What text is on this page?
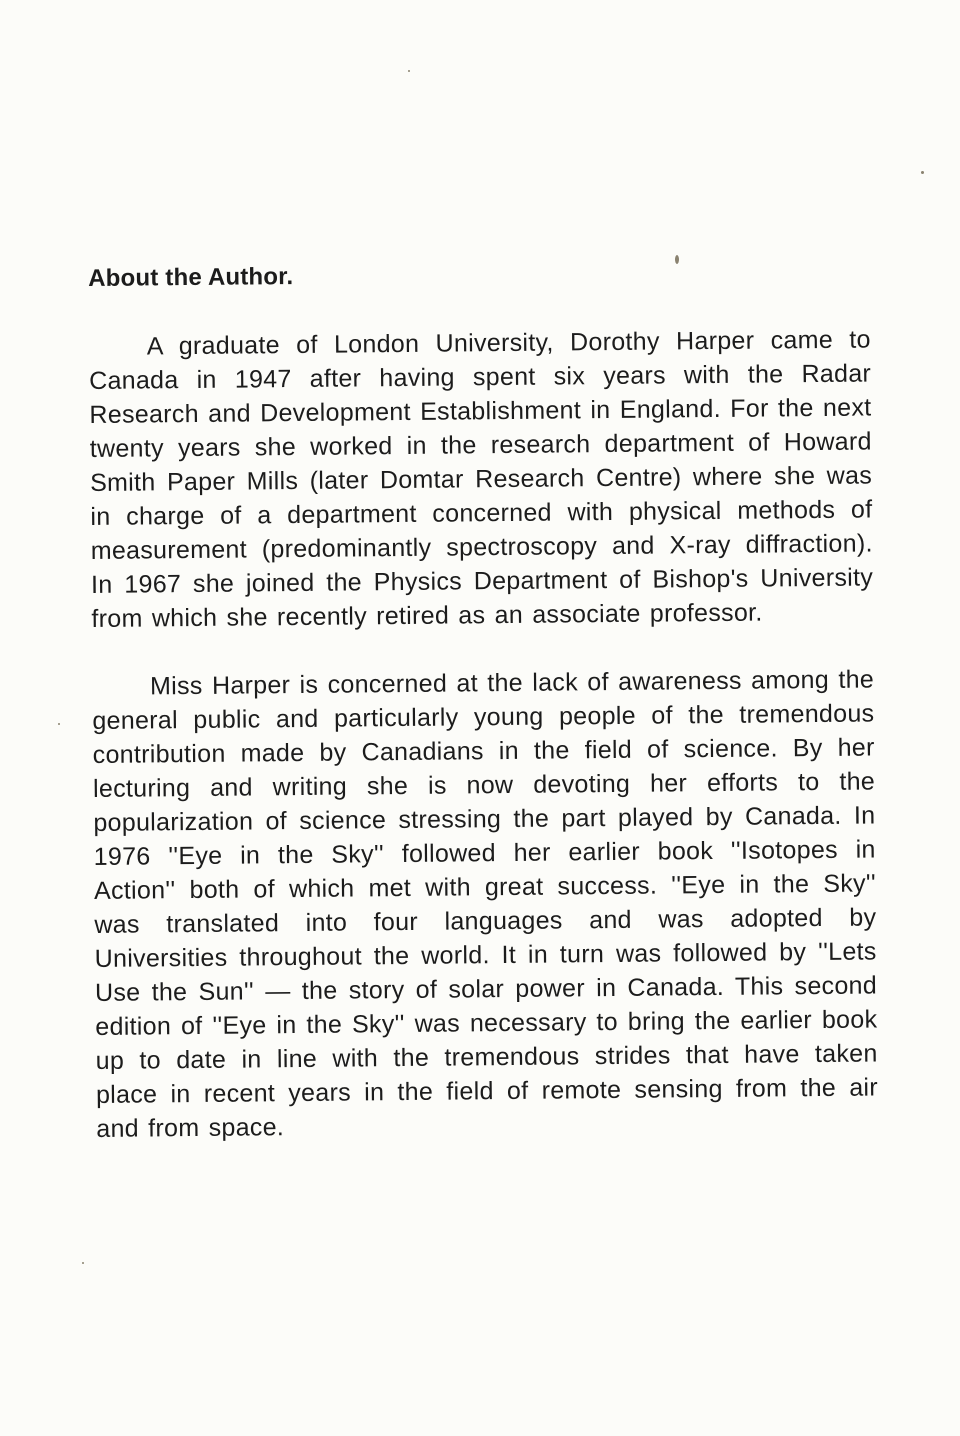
About the Author.

A graduate of London University, Dorothy Harper came to Canada in 1947 after having spent six years with the Radar Research and Development Establishment in England. For the next twenty years she worked in the research department of Howard Smith Paper Mills (later Domtar Research Centre) where she was in charge of a department concerned with physical methods of measurement (predominantly spectroscopy and X-ray diffraction). In 1967 she joined the Physics Department of Bishop's University from which she recently retired as an associate professor.

Miss Harper is concerned at the lack of awareness among the general public and particularly young people of the tremendous contribution made by Canadians in the field of science. By her lecturing and writing she is now devoting her efforts to the popularization of science stressing the part played by Canada. In 1976 ''Eye in the Sky'' followed her earlier book ''Isotopes in Action'' both of which met with great success. ''Eye in the Sky'' was translated into four languages and was adopted by Universities throughout the world. It in turn was followed by ''Lets Use the Sun'' — the story of solar power in Canada. This second edition of ''Eye in the Sky'' was necessary to bring the earlier book up to date in line with the tremendous strides that have taken place in recent years in the field of remote sensing from the air and from space.
